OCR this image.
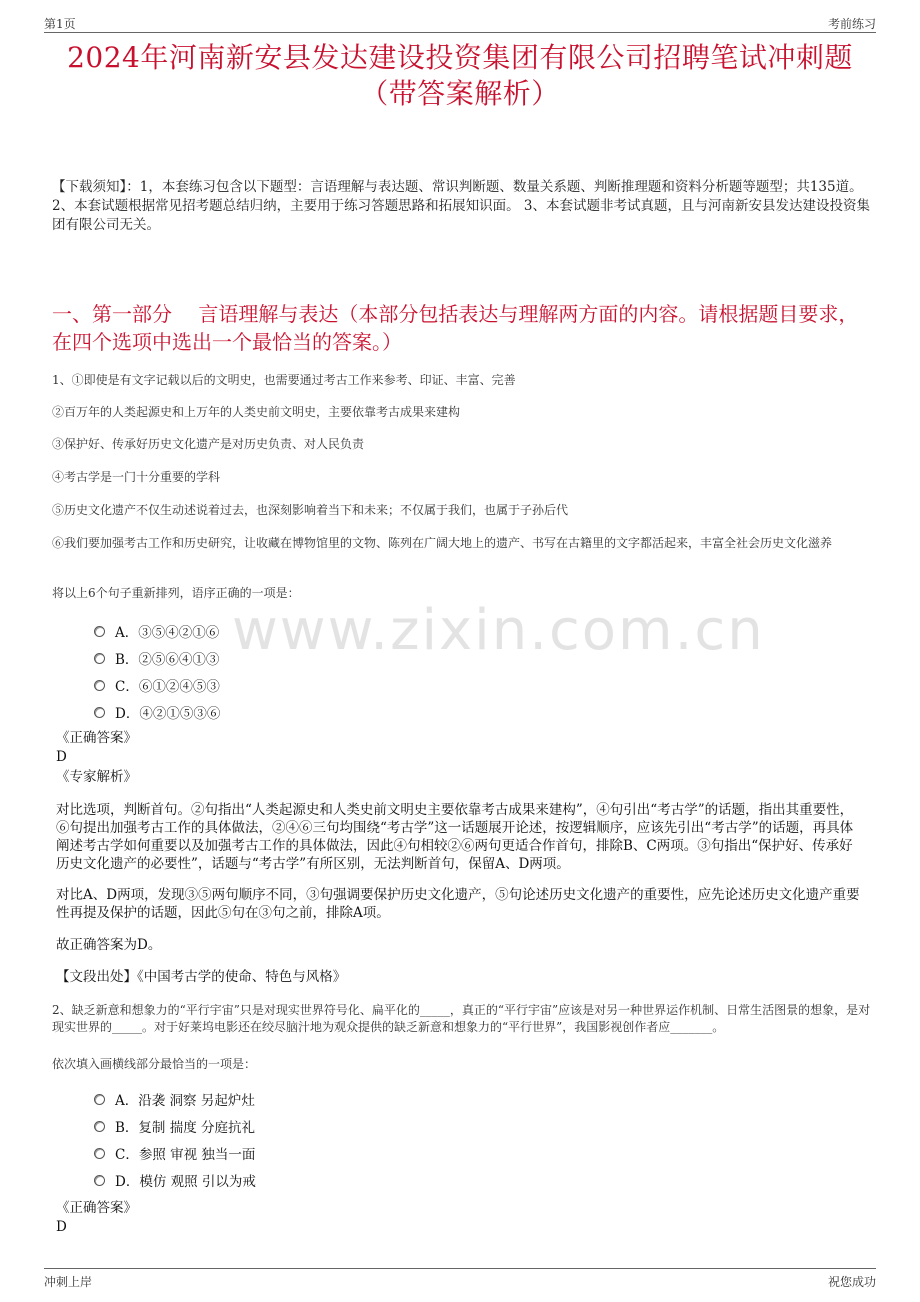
第1页	考前练习
2024年河南新安县发达建设投资集团有限公司招聘笔试冲刺题
（带答案解析）
【下载须知】：1，本套练习包含以下题型：言语理解与表达题、常识判断题、数量关系题、判断推理题和资料分析题等题型；共135道。 2、本套试题根据常见招考题总结归纳，主要用于练习答题思路和拓展知识面。 3、本套试题非考试真题，且与河南新安县发达建设投资集团有限公司无关。
一、第一部分　 言语理解与表达（本部分包括表达与理解两方面的内容。请根据题目要求，在四个选项中选出一个最恰当的答案。）
www.zixin.com.cn
1、①即使是有文字记载以后的文明史，也需要通过考古工作来参考、印证、丰富、完善
②百万年的人类起源史和上万年的人类史前文明史，主要依靠考古成果来建构
③保护好、传承好历史文化遗产是对历史负责、对人民负责
④考古学是一门十分重要的学科
⑤历史文化遗产不仅生动述说着过去，也深刻影响着当下和未来；不仅属于我们，也属于子孙后代
⑥我们要加强考古工作和历史研究，让收藏在博物馆里的文物、陈列在广阔大地上的遗产、书写在古籍里的文字都活起来，丰富全社会历史文化滋养
将以上6个句子重新排列，语序正确的一项是：
A．③⑤④②①⑥
B．②⑤⑥④①③
C．⑥①②④⑤③
D．④②①⑤③⑥
《正确答案》
D
《专家解析》
对比选项，判断首句。②句指出“人类起源史和人类史前文明史主要依靠考古成果来建构”，④句引出“考古学”的话题，指出其重要性，⑥句提出加强考古工作的具体做法，②④⑥三句均围绕“考古学”这一话题展开论述，按逻辑顺序，应该先引出“考古学”的话题，再具体阐述考古学如何重要以及加强考古工作的具体做法，因此④句相较②⑥两句更适合作首句，排除B、C两项。③句指出“保护好、传承好历史文化遗产的必要性”，话题与“考古学”有所区别，无法判断首句，保留A、D两项。
对比A、D两项，发现③⑤两句顺序不同，③句强调要保护历史文化遗产，⑤句论述历史文化遗产的重要性，应先论述历史文化遗产重要性再提及保护的话题，因此⑤句在③句之前，排除A项。
故正确答案为D。
【文段出处】《中国考古学的使命、特色与风格》
2、缺乏新意和想象力的“平行宇宙”只是对现实世界符号化、扁平化的_____，真正的“平行宇宙”应该是对另一种世界运作机制、日常生活图景的想象，是对现实世界的_____。对于好莱坞电影还在绞尽脑汁地为观众提供的缺乏新意和想象力的“平行世界”，我国影视创作者应_______。
依次填入画横线部分最恰当的一项是：
A．沿袭 洞察 另起炉灶
B．复制 揣度 分庭抗礼
C．参照 审视 独当一面
D．模仿 观照 引以为戒
《正确答案》
D
冲刺上岸	祝您成功
